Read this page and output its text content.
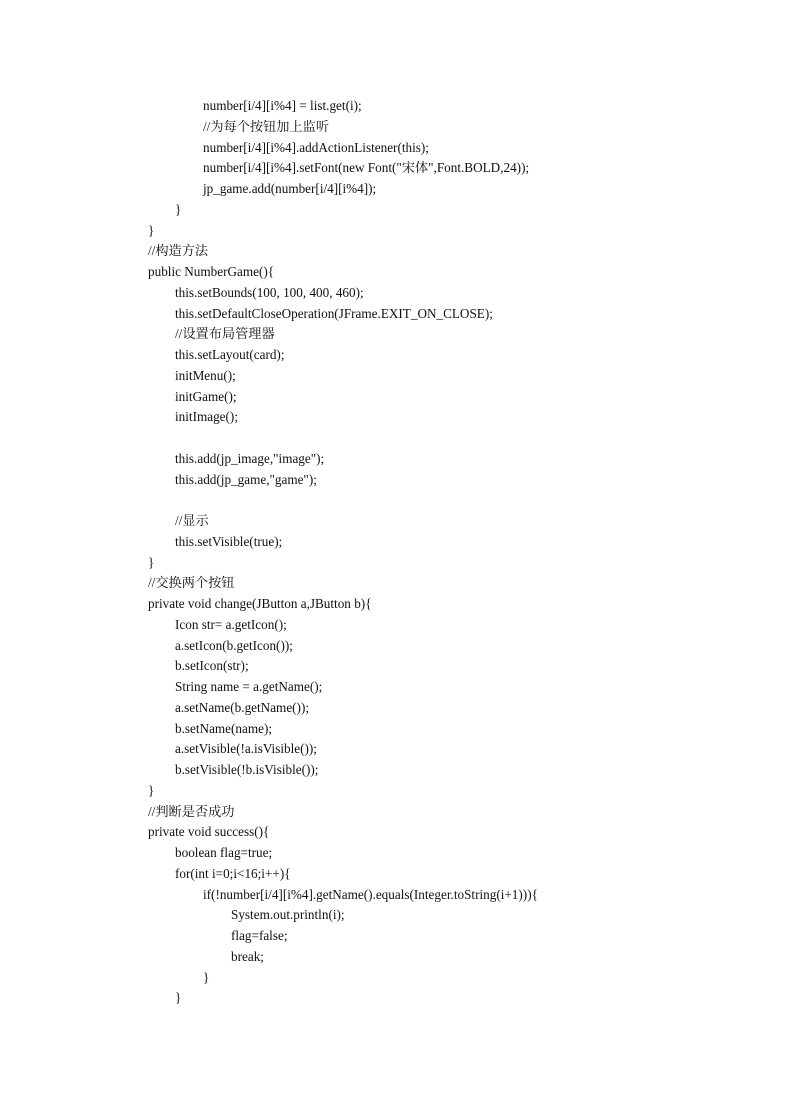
number[i/4][i%4] = list.get(i);
//为每个按钮加上监听
number[i/4][i%4].addActionListener(this);
number[i/4][i%4].setFont(new Font("宋体",Font.BOLD,24));
jp_game.add(number[i/4][i%4]);
}
}
//构造方法
public NumberGame(){
this.setBounds(100, 100, 400, 460);
this.setDefaultCloseOperation(JFrame.EXIT_ON_CLOSE);
//设置布局管理器
this.setLayout(card);
initMenu();
initGame();
initImage();
this.add(jp_image,"image");
this.add(jp_game,"game");
//显示
this.setVisible(true);
}
//交换两个按钮
private void change(JButton a,JButton b){
Icon str= a.getIcon();
a.setIcon(b.getIcon());
b.setIcon(str);
String name = a.getName();
a.setName(b.getName());
b.setName(name);
a.setVisible(!a.isVisible());
b.setVisible(!b.isVisible());
}
//判断是否成功
private void success(){
boolean flag=true;
for(int i=0;i<16;i++){
if(!number[i/4][i%4].getName().equals(Integer.toString(i+1))){
System.out.println(i);
flag=false;
break;
}
}
